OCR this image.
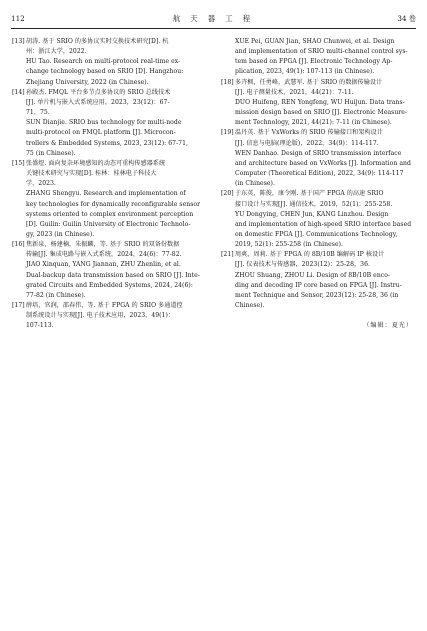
112	航 天 器 工 程	34 卷
[13] 胡涛. 基于 SRIO 的多协议实时交换技术研究[D]. 杭
州：浙江大学，2022.
HU Tao. Research on multi-protocol real-time ex-
change technology based on SRIO [D]. Hangzhou:
Zhejiang University, 2022 (in Chinese).
[14] 孙殿杰. FMQL 平台多节点多协议的 SRIO 总线技术
[J]. 单片机与嵌入式系统应用，2023，23(12)：67-
71，75.
SUN Dianjie. SRIO bus technology for multi-node
multi-protocol on FMQL platform [J]. Microcon-
trollers & Embedded Systems, 2023, 23(12): 67-71,
75 (in Chinese).
[15] 张盛煜. 面向复杂环境感知的动态可重构传感器系统
关键技术研究与实现[D]. 桂林：桂林电子科技大
学，2023.
ZHANG Shengyu. Research and implementation of
key technologies for dynamically reconfigurable sensor
systems oriented to complex environment perception
[D]. Guilin: Guilin University of Electronic Technolo-
gy, 2023 (in Chinese).
[16] 焦新泉，杨建楠，朱振麟，等. 基于 SRIO 的双备份数据
传输[J]. 集成电路与嵌入式系统，2024，24(6)：77-82.
JIAO Xinquan, YANG Jiannan, ZHU Zhenlin, et al.
Dual-backup data transmission based on SRIO [J]. Inte-
grated Circuits and Embedded Systems, 2024, 24(6):
77-82 (in Chinese).
[17] 薛培，官润，邵春伟，等. 基于 FPGA 的 SRIO 多通道控
制系统设计与实现[J]. 电子技术应用，2023，49(1)：
107-113.
XUE Pei, GUAN Jian, SHAO Chunwei, et al. Design
and implementation of SRIO multi-channel control sys-
tem based on FPGA [J]. Electronic Technology Ap-
plication, 2023, 49(1): 107-113 (in Chinese).
[18] 多卉枫，任勇峰，武慧军. 基于 SRIO 的数据传输设计
[J]. 电子测量技术，2021，44(21)：7-11.
DUO Huifeng, REN Yongfeng, WU Huijun. Data trans-
mission design based on SRIO [J]. Electronic Measure-
ment Technology, 2021, 44(21): 7-11 (in Chinese).
[19] 温丹英. 基于 VxWorks 的 SRIO 传输接口和架构设计
[J]. 信息与电脑(理论版)，2022，34(9)：114-117.
WEN Danhao. Design of SRIO transmission interface
and architecture based on VxWorks [J]. Information and
Computer (Theoretical Edition), 2022, 34(9): 114-117
(in Chinese).
[20] 于东英，陈俊，康令刚. 基于国产 FPGA 的高速 SRIO
接口设计与实现[J]. 通信技术，2019，52(1)：255-258.
YU Dongying, CHEN Jun, KANG Linzhou. Design
and implementation of high-speed SRIO interface based
on domestic FPGA [J]. Communications Technology,
2019, 52(1): 255-258 (in Chinese).
[21] 周爽，周莉. 基于 FPGA 的 8B/10B 编解码 IP 核设计
[J]. 仪表技术与传感器，2023(12)：25-28，36.
ZHOU Shuang, ZHOU Li. Design of 8B/10B enco-
ding and decoding IP core based on FPGA [J]. Instru-
ment Technique and Sensor, 2023(12): 25-28, 36 (in
Chinese).
（编辑：夏光）
